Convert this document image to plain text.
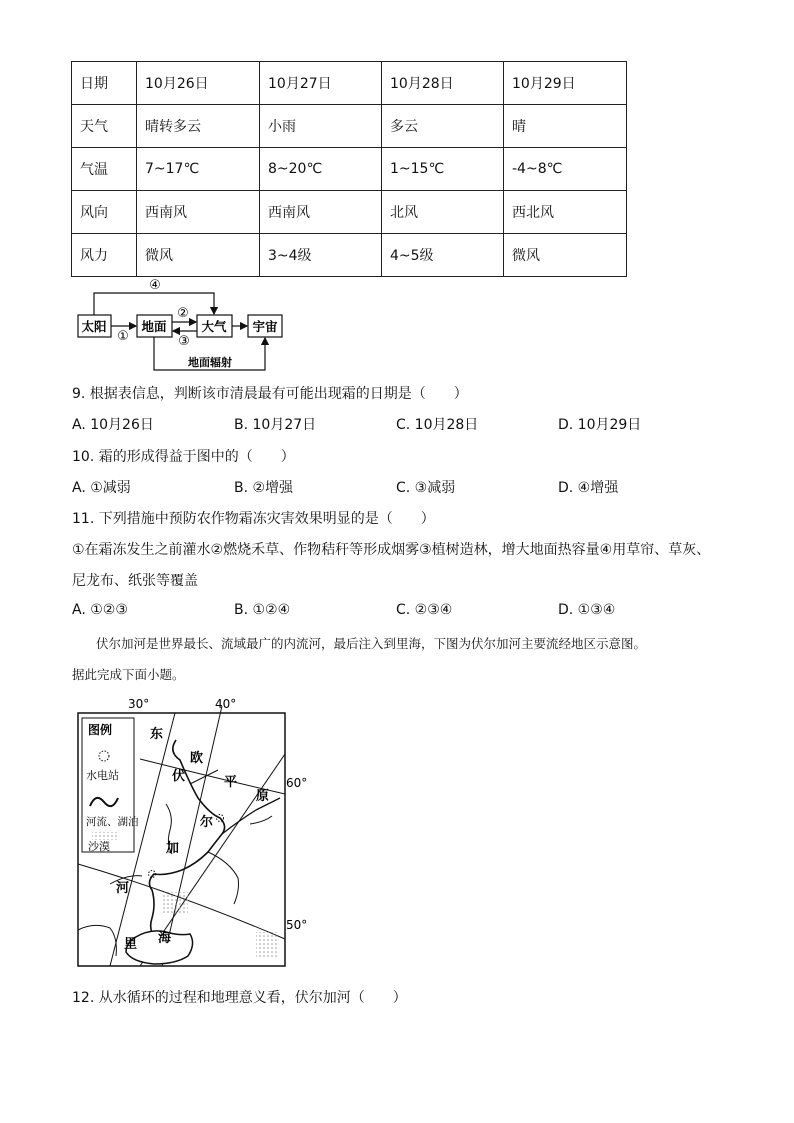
日期	10月26日	10月27日	10月28日	10月29日
天气	晴转多云	小雨	多云	晴
气温	7~17℃	8~20℃	1~15℃	-4~8℃
风向	西南风	西南风	北风	西北风
风力	微风	3~4级	4~5级	微风
太阳	地面	大气 宇宙
①
④
②
③
地面辐射
9. 根据表信息，判断该市清晨最有可能出现霜的日期是（　　）
A. 10月26日	B. 10月27日	C. 10月28日	D. 10月29日
10. 霜的形成得益于图中的（　　）
A. ①减弱	B. ②增强	C. ③减弱	D. ④增强
11. 下列措施中预防农作物霜冻灾害效果明显的是（　　）
①在霜冻发生之前灌水②燃烧禾草、作物秸秆等形成烟雾③植树造林，增大地面热容量④用草帘、草灰、
尼龙布、纸张等覆盖
A. ①②③	B. ①②④	C. ②③④	D. ①③④
伏尔加河是世界最长、流域最广的内流河，最后注入到里海，下图为伏尔加河主要流经地区示意图。
据此完成下面小题。
图例
水电站
河流、湖泊
沙漠
30°	40°
60°
50°
东
欧
平
原
伏
尔
加
河
里 海
12. 从水循环的过程和地理意义看，伏尔加河（　　）
